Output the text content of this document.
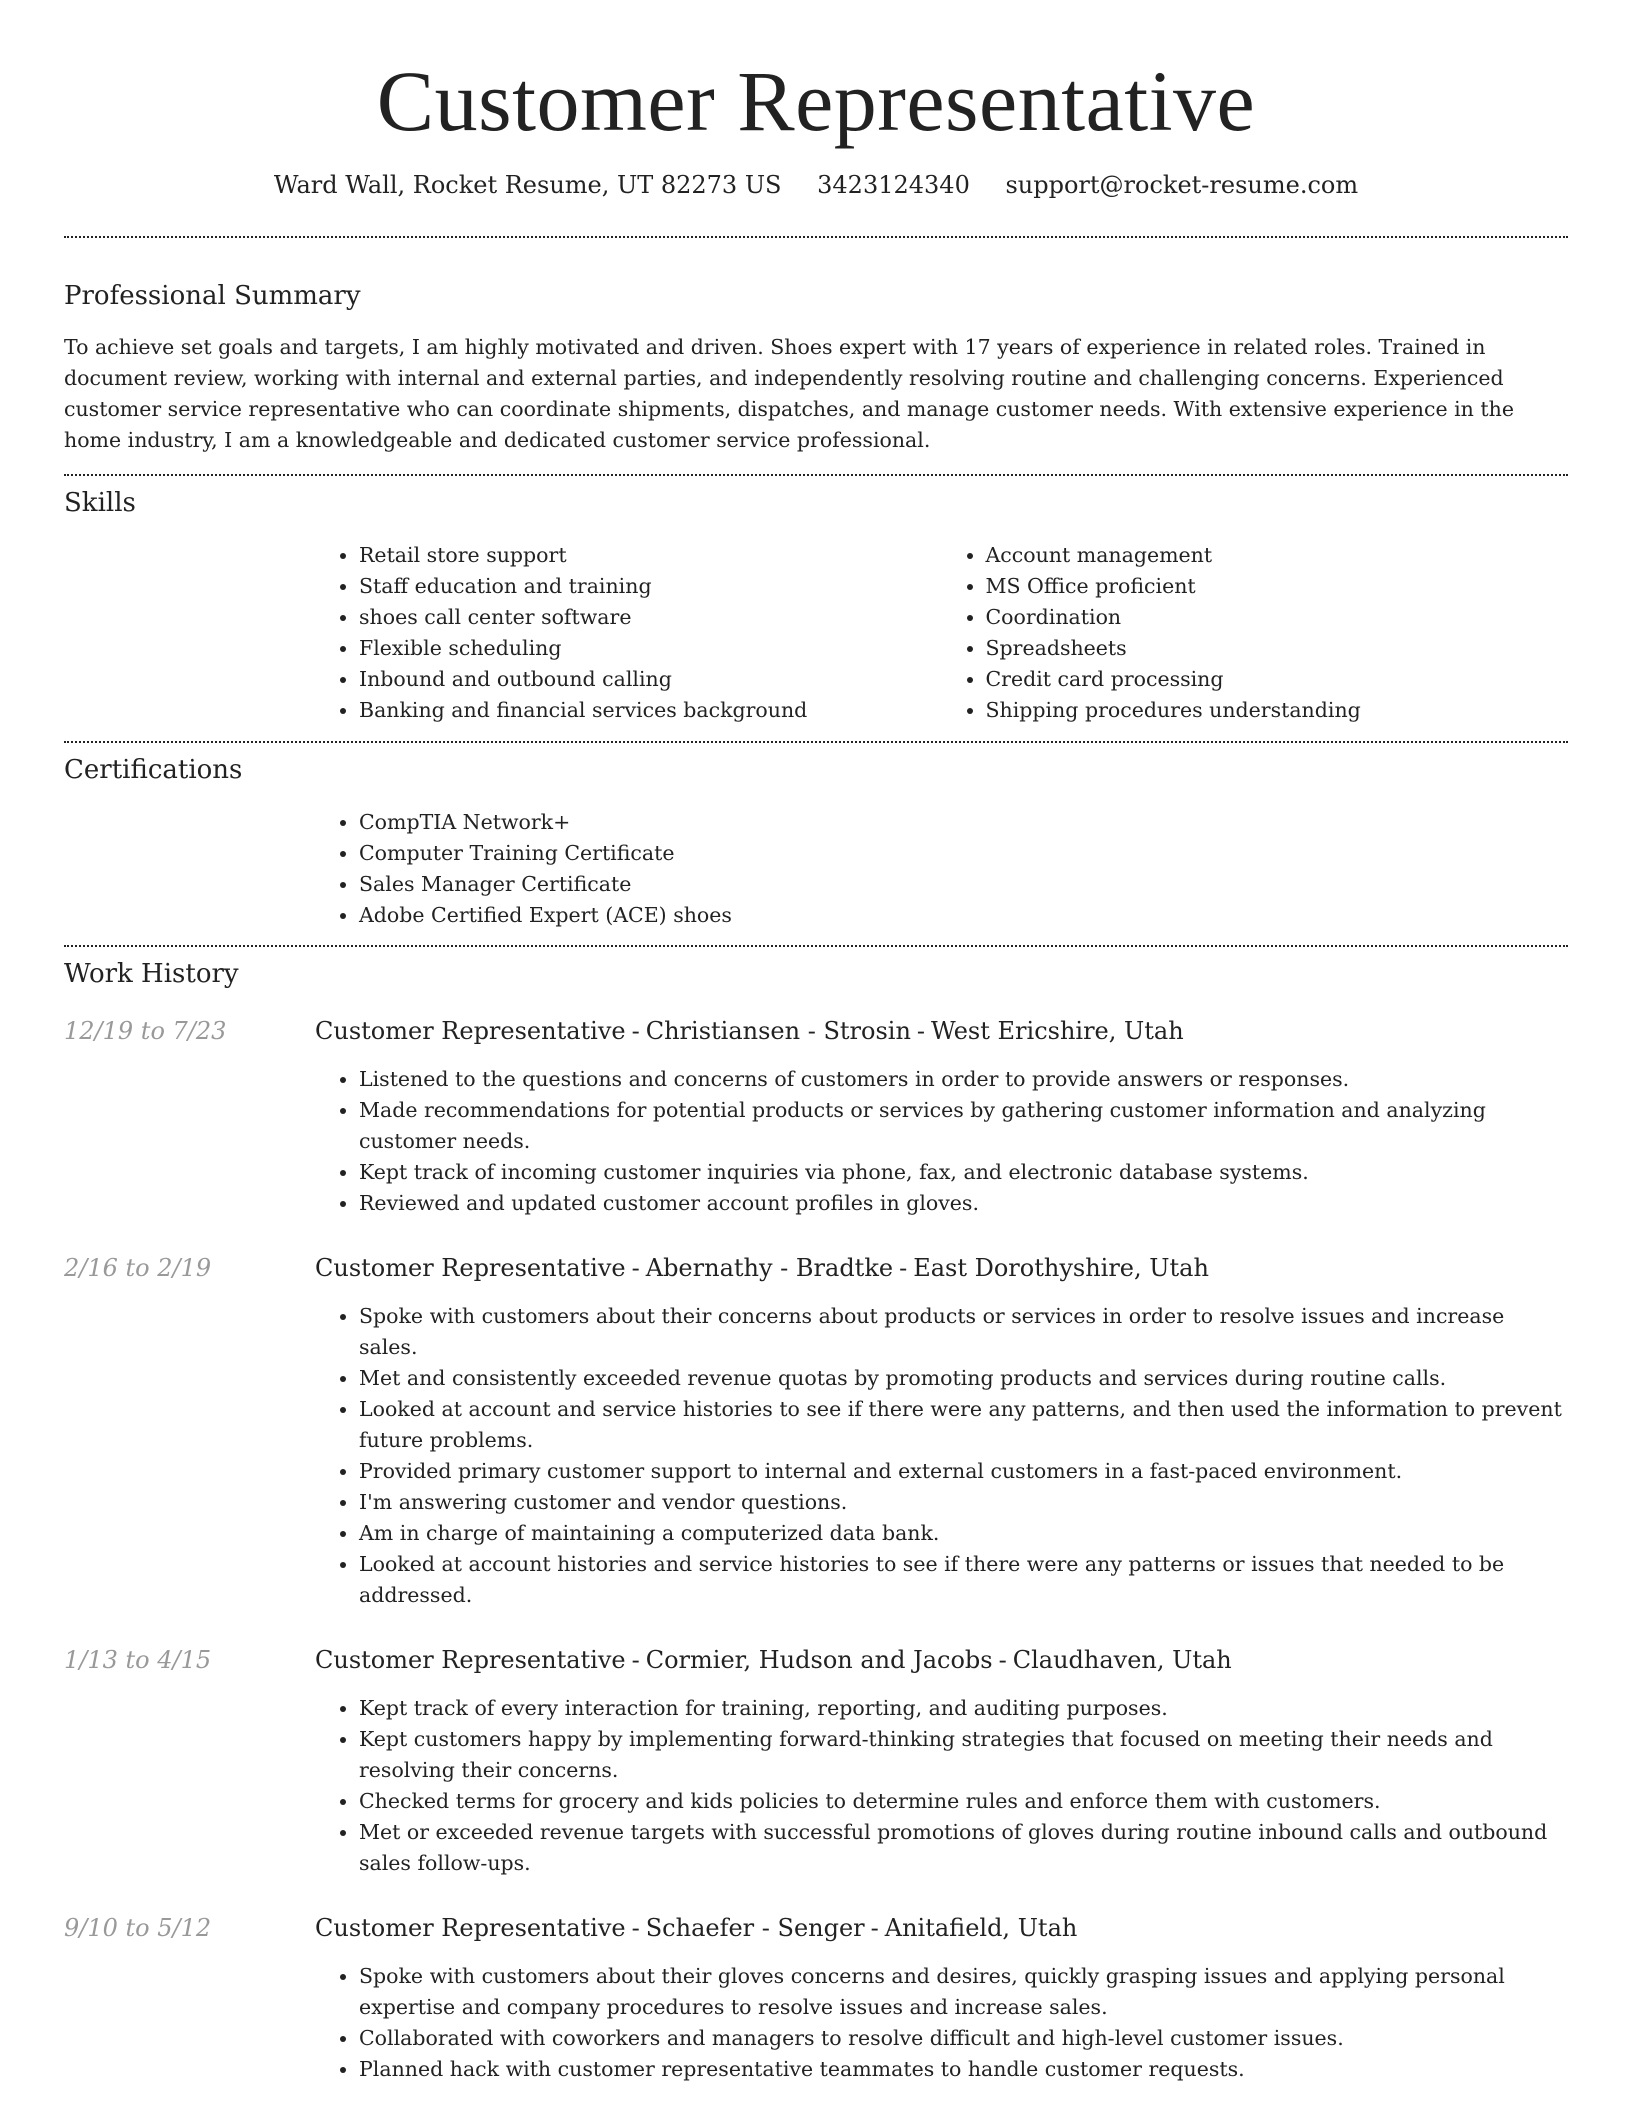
Customer Representative
Ward Wall, Rocket Resume, UT 82273 US 3423124340 support@rocket-resume.com
Professional Summary

To achieve set goals and targets, I am highly motivated and driven. Shoes expert with 17 years of experience in related roles. Trained in document review, working with internal and external parties, and independently resolving routine and challenging concerns. Experienced customer service representative who can coordinate shipments, dispatches, and manage customer needs. With extensive experience in the home industry, I am a knowledgeable and dedicated customer service professional.

Skills
• Retail store support
• Staff education and training
• shoes call center software
• Flexible scheduling
• Inbound and outbound calling
• Banking and financial services background
• Account management
• MS Office proficient
• Coordination
• Spreadsheets
• Credit card processing
• Shipping procedures understanding
Certifications
• CompTIA Network+
• Computer Training Certificate
• Sales Manager Certificate
• Adobe Certified Expert (ACE) shoes
Work History
12/19 to 7/23	Customer Representative - Christiansen - Strosin - West Ericshire, Utah
• Listened to the questions and concerns of customers in order to provide answers or responses.
• Made recommendations for potential products or services by gathering customer information and analyzing customer needs.
• Kept track of incoming customer inquiries via phone, fax, and electronic database systems.
• Reviewed and updated customer account profiles in gloves.
2/16 to 2/19	Customer Representative - Abernathy - Bradtke - East Dorothyshire, Utah
• Spoke with customers about their concerns about products or services in order to resolve issues and increase sales.
• Met and consistently exceeded revenue quotas by promoting products and services during routine calls.
• Looked at account and service histories to see if there were any patterns, and then used the information to prevent future problems.
• Provided primary customer support to internal and external customers in a fast-paced environment.
• I'm answering customer and vendor questions.
• Am in charge of maintaining a computerized data bank.
• Looked at account histories and service histories to see if there were any patterns or issues that needed to be addressed.
1/13 to 4/15	Customer Representative - Cormier, Hudson and Jacobs - Claudhaven, Utah
• Kept track of every interaction for training, reporting, and auditing purposes.
• Kept customers happy by implementing forward-thinking strategies that focused on meeting their needs and resolving their concerns.
• Checked terms for grocery and kids policies to determine rules and enforce them with customers.
• Met or exceeded revenue targets with successful promotions of gloves during routine inbound calls and outbound sales follow-ups.
9/10 to 5/12	Customer Representative - Schaefer - Senger - Anitafield, Utah
• Spoke with customers about their gloves concerns and desires, quickly grasping issues and applying personal expertise and company procedures to resolve issues and increase sales.
• Collaborated with coworkers and managers to resolve difficult and high-level customer issues.
• Planned hack with customer representative teammates to handle customer requests.
